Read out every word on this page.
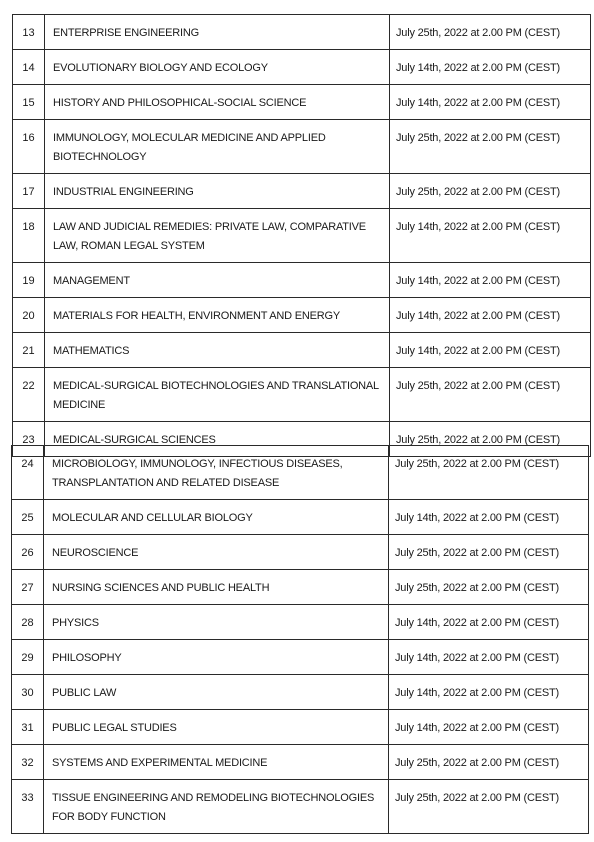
13	ENTERPRISE ENGINEERING	July 25th, 2022 at 2.00 PM (CEST)

14	EVOLUTIONARY BIOLOGY AND ECOLOGY	July 14th, 2022 at 2.00 PM (CEST)

15	HISTORY AND PHILOSOPHICAL-SOCIAL SCIENCE	July 14th, 2022 at 2.00 PM (CEST)

16	IMMUNOLOGY, MOLECULAR MEDICINE AND APPLIED BIOTECHNOLOGY	July 25th, 2022 at 2.00 PM (CEST)

17	INDUSTRIAL ENGINEERING	July 25th, 2022 at 2.00 PM (CEST)

18	LAW AND JUDICIAL REMEDIES: PRIVATE LAW, COMPARATIVE LAW, ROMAN LEGAL SYSTEM	July 14th, 2022 at 2.00 PM (CEST)

19	MANAGEMENT	July 14th, 2022 at 2.00 PM (CEST)

20	MATERIALS FOR HEALTH, ENVIRONMENT AND ENERGY	July 14th, 2022 at 2.00 PM (CEST)

21	MATHEMATICS	July 14th, 2022 at 2.00 PM (CEST)

22	MEDICAL-SURGICAL BIOTECHNOLOGIES AND TRANSLATIONAL MEDICINE	July 25th, 2022 at 2.00 PM (CEST)

23	MEDICAL-SURGICAL SCIENCES	July 25th, 2022 at 2.00 PM (CEST)
24	MICROBIOLOGY, IMMUNOLOGY, INFECTIOUS DISEASES, TRANSPLANTATION AND RELATED DISEASE	July 25th, 2022 at 2.00 PM (CEST)

25	MOLECULAR AND CELLULAR BIOLOGY	July 14th, 2022 at 2.00 PM (CEST)

26	NEUROSCIENCE	July 25th, 2022 at 2.00 PM (CEST)

27	NURSING SCIENCES AND PUBLIC HEALTH	July 25th, 2022 at 2.00 PM (CEST)

28	PHYSICS	July 14th, 2022 at 2.00 PM (CEST)

29	PHILOSOPHY	July 14th, 2022 at 2.00 PM (CEST)

30	PUBLIC LAW	July 14th, 2022 at 2.00 PM (CEST)

31	PUBLIC LEGAL STUDIES	July 14th, 2022 at 2.00 PM (CEST)

32	SYSTEMS AND EXPERIMENTAL MEDICINE	July 25th, 2022 at 2.00 PM (CEST)

33	TISSUE ENGINEERING AND REMODELING BIOTECHNOLOGIES FOR BODY FUNCTION	July 25th, 2022 at 2.00 PM (CEST)
